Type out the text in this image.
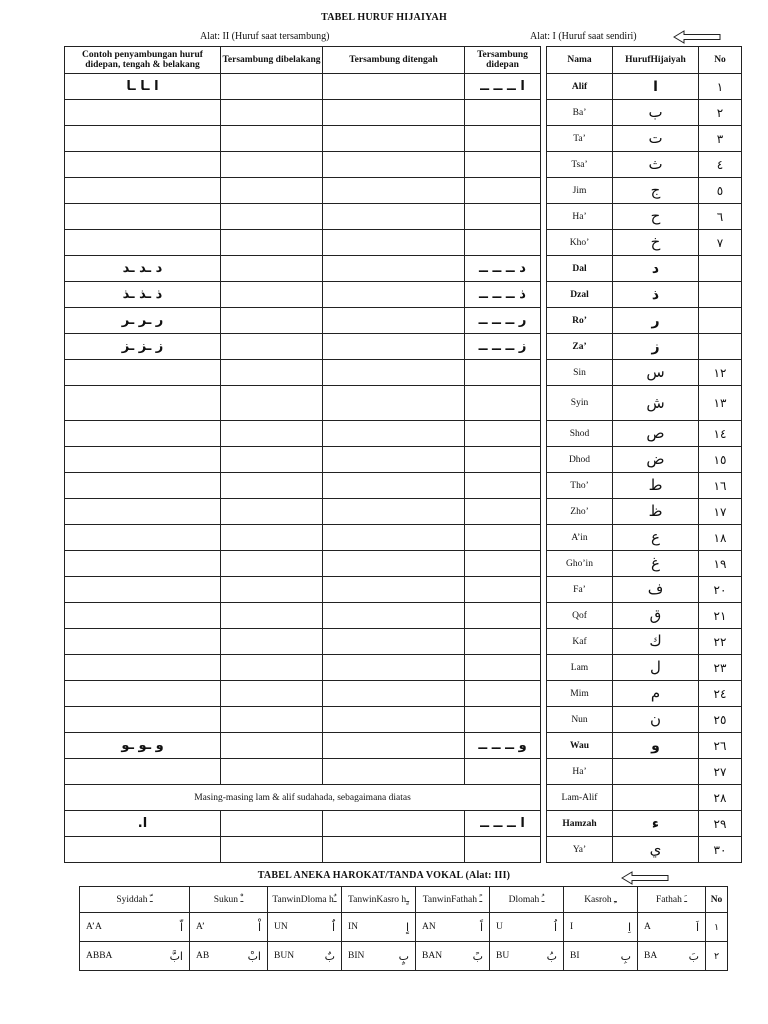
TABEL HURUF HIJAIYAH
Alat: II (Huruf saat tersambung)	Alat: I (Huruf saat sendiri)
Contoh penyambungan huruf didepan, tengah & belakang	Tersambung dibelakang	Tersambung ditengah	Tersambung didepan		Nama	HurufHijaiyah	No
ا ـا ـا			ا ــ ــ ــ		Alif	ا	١
					Ba’	ب	٢
					Ta’	ت	٣
					Tsa’	ث	٤
					Jim	ج	٥
					Ha’	ح	٦
					Kho’	خ	٧
د ـد ـد			د ــ ــ ــ		Dal	د	
ذ ـذ ـذ			ذ ــ ــ ــ		Dzal	ذ	
ر ـر ـر			ر ــ ــ ــ		Ro’	ر	
ز ـز ـز			ز ــ ــ ــ		Za’	ز	
					Sin	س	١٢
					Syin	ش	١٣
					Shod	ص	١٤
					Dhod	ض	١٥
					Tho’	ط	١٦
					Zho’	ظ	١٧
					A’in	ع	١٨
					Gho’in	غ	١٩
					Fa’	ف	٢٠
					Qof	ق	٢١
					Kaf	ك	٢٢
					Lam	ل	٢٣
					Mim	م	٢٤
					Nun	ن	٢٥
و ـو ـو			و ــ ــ ــ		Wau	و	٢٦
					Ha’		٢٧
Masing-masing lam & alif sudahada, sebagaimana diatas					Lam-Alif		٢٨
ا.			ا ــ ــ ــ		Hamzah	ء	٢٩
					Ya’	ي	٣٠
TABEL ANEKA HAROKAT/TANDA VOKAL (Alat: III)
Syiddah ـّ	Sukun ـْ	TanwinDloma hـٌ	TanwinKasro hـٍ	TanwinFathah ـً	Dlomah ـُ	Kasroh ـِ	Fathah ـَ	No

A’A اّ	A’ اْ	UN اٌ	IN اٍ	AN اً	U اُ	I اِ	A اَ	١

ABBA ابَّ	AB ابْ	BUN بٌ	BIN بٍ	BAN بً	BU بُ	BI بِ	BA بَ	٢
